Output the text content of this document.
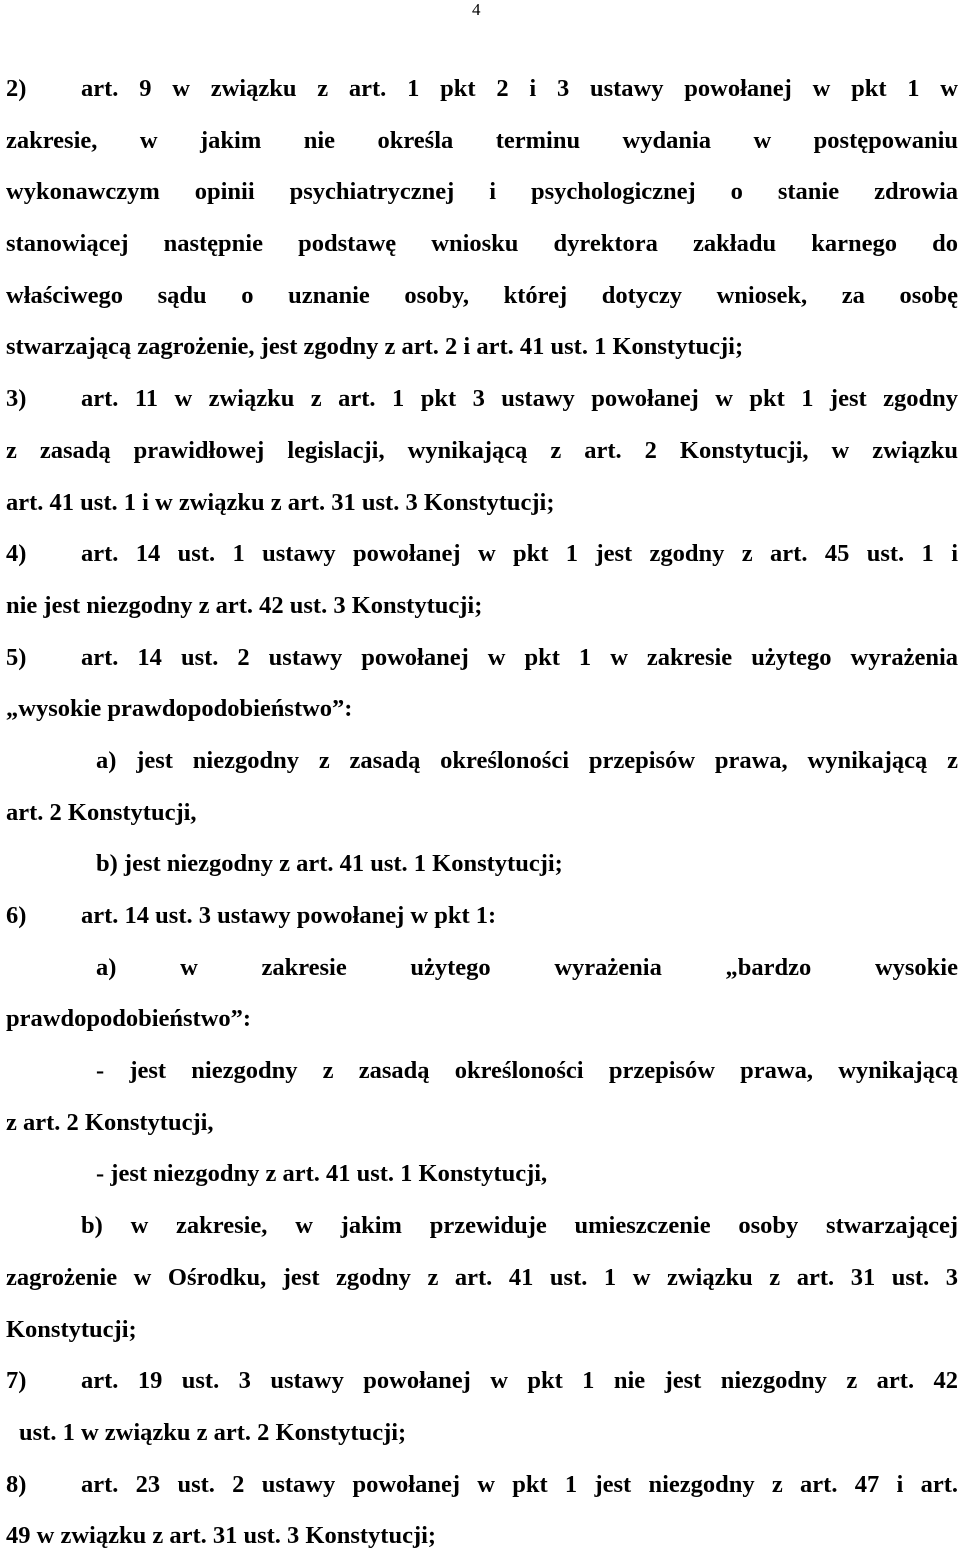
4
2) art. 9 w związku z art. 1 pkt 2 i 3 ustawy powołanej w pkt 1 w
zakresie, w jakim nie określa terminu wydania w postępowaniu
wykonawczym opinii psychiatrycznej i psychologicznej o stanie zdrowia
stanowiącej następnie podstawę wniosku dyrektora zakładu karnego do
właściwego sądu o uznanie osoby, której dotyczy wniosek, za osobę
stwarzającą zagrożenie, jest zgodny z art. 2 i art. 41 ust. 1 Konstytucji;
3) art. 11 w związku z art. 1 pkt 3 ustawy powołanej w pkt 1 jest zgodny
z zasadą prawidłowej legislacji, wynikającą z art. 2 Konstytucji, w związku
art. 41 ust. 1 i w związku z art. 31 ust. 3 Konstytucji;
4) art. 14 ust. 1 ustawy powołanej w pkt 1 jest zgodny z art. 45 ust. 1 i
nie jest niezgodny z art. 42 ust. 3 Konstytucji;
5) art. 14 ust. 2 ustawy powołanej w pkt 1 w zakresie użytego wyrażenia
„wysokie prawdopodobieństwo”:
a) jest niezgodny z zasadą określoności przepisów prawa, wynikającą z
art. 2 Konstytucji,
b) jest niezgodny z art. 41 ust. 1 Konstytucji;
6) art. 14 ust. 3 ustawy powołanej w pkt 1:
a) w zakresie użytego wyrażenia „bardzo wysokie
prawdopodobieństwo”:
- jest niezgodny z zasadą określoności przepisów prawa, wynikającą
z art. 2 Konstytucji,
- jest niezgodny z art. 41 ust. 1 Konstytucji,
b) w zakresie, w jakim przewiduje umieszczenie osoby stwarzającej
zagrożenie w Ośrodku, jest zgodny z art. 41 ust. 1 w związku z art. 31 ust. 3
Konstytucji;
7) art. 19 ust. 3 ustawy powołanej w pkt 1 nie jest niezgodny z art. 42
ust. 1 w związku z art. 2 Konstytucji;
8) art. 23 ust. 2 ustawy powołanej w pkt 1 jest niezgodny z art. 47 i art.
49 w związku z art. 31 ust. 3 Konstytucji;
